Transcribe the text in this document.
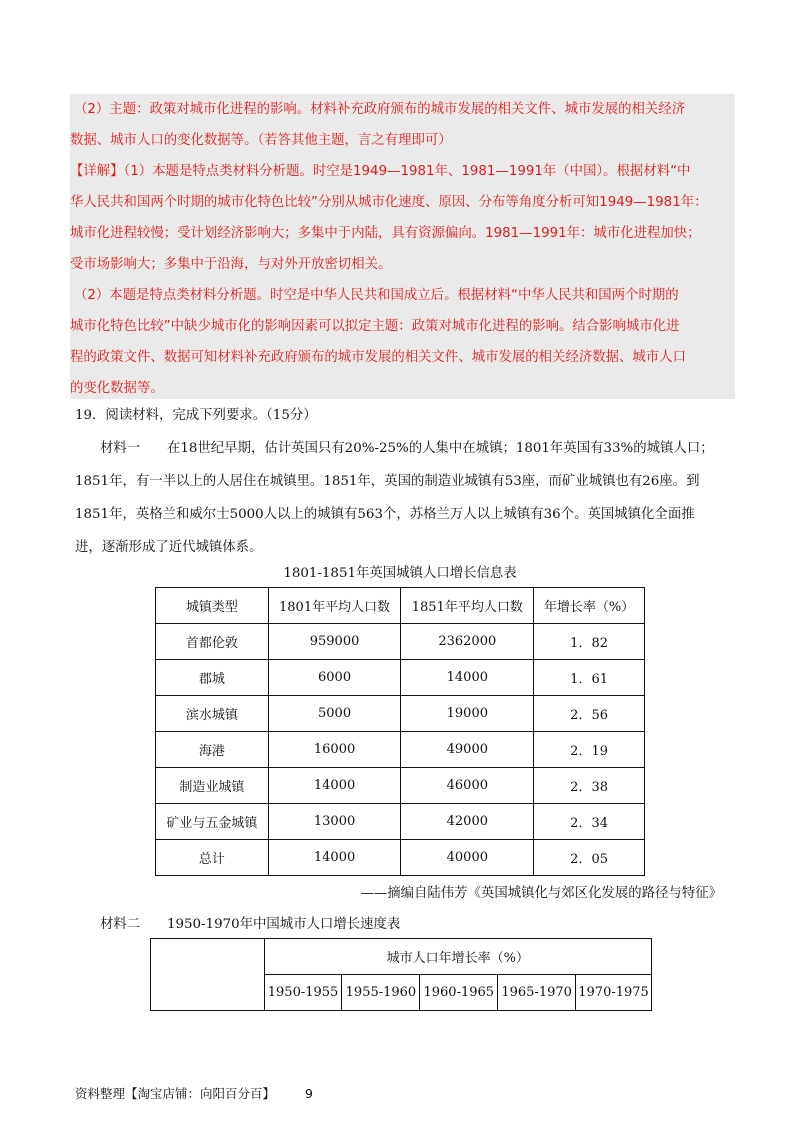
（2）主题：政策对城市化进程的影响。材料补充政府颁布的城市发展的相关文件、城市发展的相关经济

数据、城市人口的变化数据等。（若答其他主题，言之有理即可）

【详解】（1）本题是特点类材料分析题。时空是1949—1981年、1981—1991年（中国）。根据材料“中

华人民共和国两个时期的城市化特色比较”分别从城市化速度、原因、分布等角度分析可知1949—1981年：

城市化进程较慢；受计划经济影响大；多集中于内陆，具有资源偏向。1981—1991年：城市化进程加快；

受市场影响大；多集中于沿海，与对外开放密切相关。

（2）本题是特点类材料分析题。时空是中华人民共和国成立后。根据材料“中华人民共和国两个时期的

城市化特色比较”中缺少城市化的影响因素可以拟定主题：政策对城市化进程的影响。结合影响城市化进

程的政策文件、数据可知材料补充政府颁布的城市发展的相关文件、城市发展的相关经济数据、城市人口

的变化数据等。

19．阅读材料，完成下列要求。（15分）
材料一　　在18世纪早期，估计英国只有20%-25%的人集中在城镇；1801年英国有33%的城镇人口；
1851年，有一半以上的人居住在城镇里。1851年，英国的制造业城镇有53座，而矿业城镇也有26座。到
1851年，英格兰和威尔士5000人以上的城镇有563个，苏格兰万人以上城镇有36个。英国城镇化全面推
进，逐渐形成了近代城镇体系。
1801-1851年英国城镇人口增长信息表
城镇类型	1801年平均人口数	1851年平均人口数	年增长率（%）
首都伦敦	959000	2362000	1．82
郡城	6000	14000	1．61
滨水城镇	5000	19000	2．56
海港	16000	49000	2．19
制造业城镇	14000	46000	2．38
矿业与五金城镇	13000	42000	2．34
总计	14000	40000	2．05
——摘编自陆伟芳《英国城镇化与郊区化发展的路径与特征》
材料二　　1950-1970年中国城市人口增长速度表
	城市人口年增长率（%）				
	1950-1955	1955-1960	1960-1965	1965-1970	1970-1975
资料整理【淘宝店铺：向阳百分百】 9
